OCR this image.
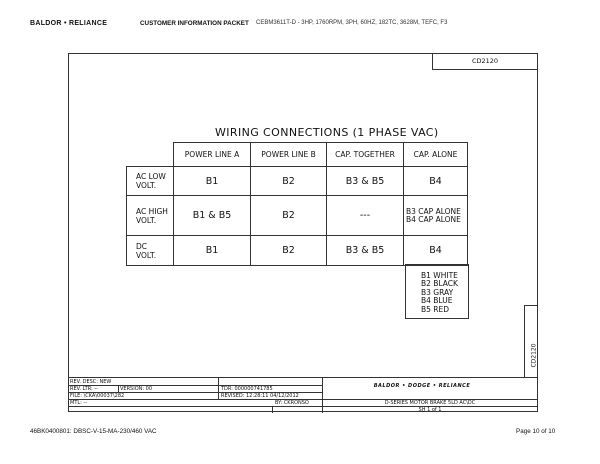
BALDOR • RELIANCE	CUSTOMER INFORMATION PACKET CEBM3611T-D - 3HP, 1760RPM, 3PH, 60HZ, 182TC, 3628M, TEFC, F3
CD2120
CD2120
WIRING CONNECTIONS (1 PHASE VAC)
	POWER LINE A	POWER LINE B	CAP. TOGETHER	CAP. ALONE
AC LOW
VOLT.	B1	B2	B3 & B5	B4
AC HIGH
VOLT.	B1 & B5	B2	---	B3 CAP ALONE
B4 CAP ALONE
DC
VOLT.	B1	B2	B3 & B5	B4
B1 WHITE
B2 BLACK
B3 GRAY
B4 BLUE
B5 RED
REV. DESC: NEW
REV. LTR: --	VERSION: 00
FILE: \CKA\00037\282
MTL: --
TDR: 000000741785
REVISED: 12:28:11 04/12/2012
BY: CKRONSO
BALDOR • DODGE • RELIANCE
D-SERIES MOTOR BRAKE 5LD AC\DC
SH 1 of 1
46BK0400801: DBSC-V-15-MA-230/460 VAC	Page 10 of 10
